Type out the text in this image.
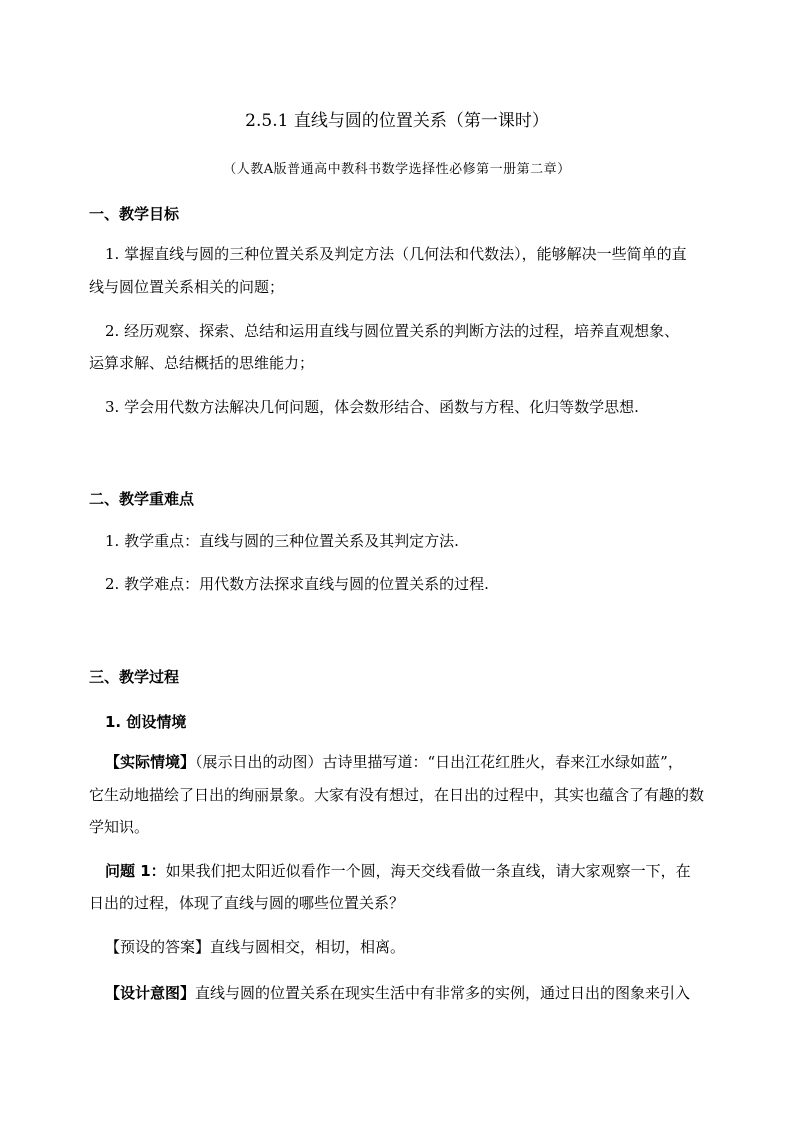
2.5.1 直线与圆的位置关系（第一课时）
（人教A版普通高中教科书数学选择性必修第一册第二章）
一、教学目标
1. 掌握直线与圆的三种位置关系及判定方法（几何法和代数法），能够解决一些简单的直
线与圆位置关系相关的问题；
2. 经历观察、探索、总结和运用直线与圆位置关系的判断方法的过程，培养直观想象、
运算求解、总结概括的思维能力；
3. 学会用代数方法解决几何问题，体会数形结合、函数与方程、化归等数学思想.
二、教学重难点
1. 教学重点：直线与圆的三种位置关系及其判定方法.
2. 教学难点：用代数方法探求直线与圆的位置关系的过程.
三、教学过程
1. 创设情境
【实际情境】（展示日出的动图）古诗里描写道：“日出江花红胜火，春来江水绿如蓝”，
它生动地描绘了日出的绚丽景象。大家有没有想过，在日出的过程中，其实也蕴含了有趣的数
学知识。
问题 1：如果我们把太阳近似看作一个圆，海天交线看做一条直线，请大家观察一下，在
日出的过程，体现了直线与圆的哪些位置关系？
【预设的答案】直线与圆相交，相切，相离。
【设计意图】直线与圆的位置关系在现实生活中有非常多的实例，通过日出的图象来引入
